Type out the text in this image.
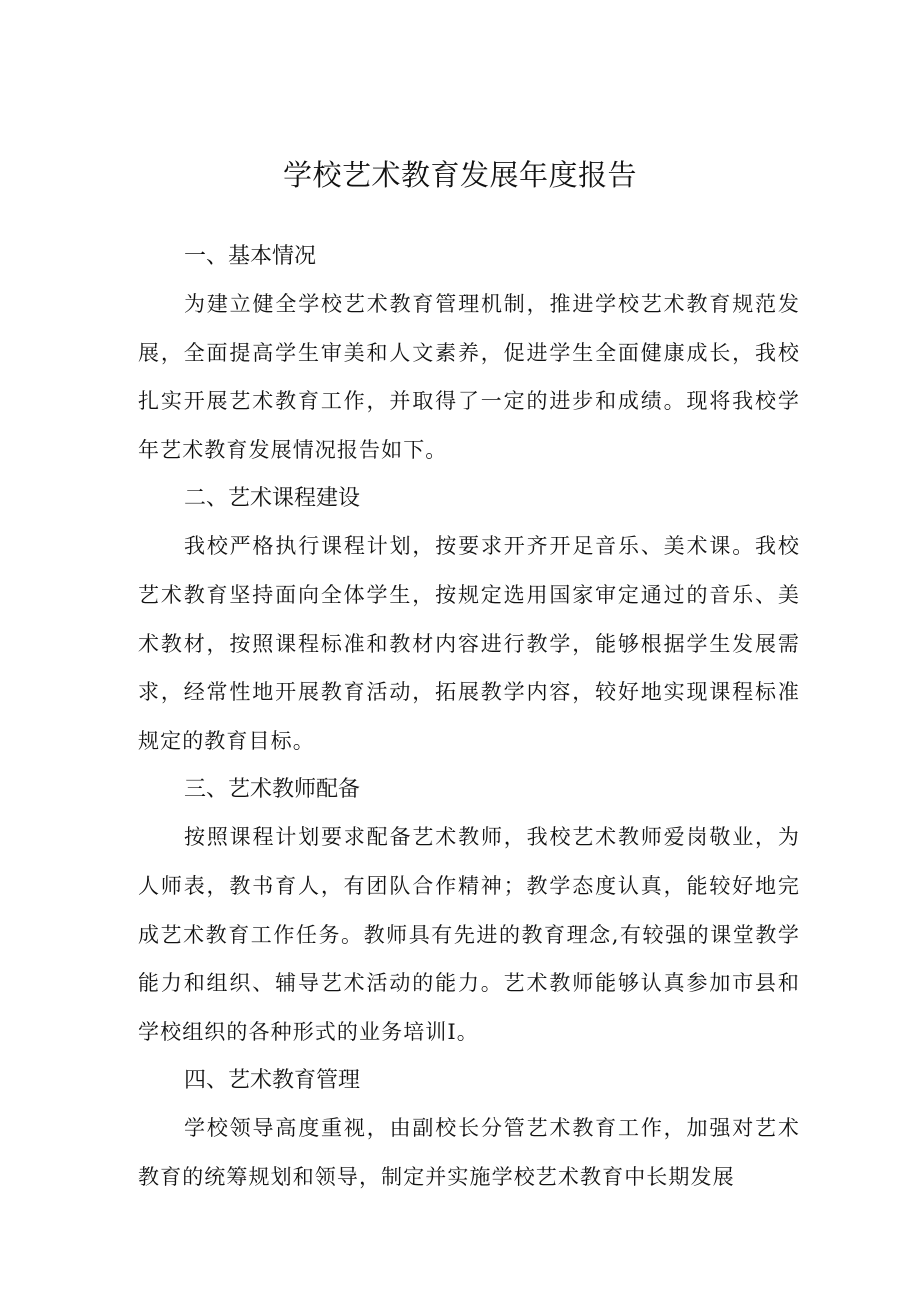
学校艺术教育发展年度报告
一、基本情况

为建立健全学校艺术教育管理机制，推进学校艺术教育规范发展，全面提高学生审美和人文素养，促进学生全面健康成长，我校扎实开展艺术教育工作，并取得了一定的进步和成绩。现将我校学年艺术教育发展情况报告如下。

二、艺术课程建设

我校严格执行课程计划，按要求开齐开足音乐、美术课。我校艺术教育坚持面向全体学生，按规定选用国家审定通过的音乐、美术教材，按照课程标准和教材内容进行教学，能够根据学生发展需求，经常性地开展教育活动，拓展教学内容，较好地实现课程标准规定的教育目标。

三、艺术教师配备

按照课程计划要求配备艺术教师，我校艺术教师爱岗敬业，为人师表，教书育人，有团队合作精神；教学态度认真，能较好地完成艺术教育工作任务。教师具有先进的教育理念,有较强的课堂教学能力和组织、辅导艺术活动的能力。艺术教师能够认真参加市县和学校组织的各种形式的业务培训I。

四、艺术教育管理

学校领导高度重视，由副校长分管艺术教育工作，加强对艺术教育的统筹规划和领导，制定并实施学校艺术教育中长期发展
